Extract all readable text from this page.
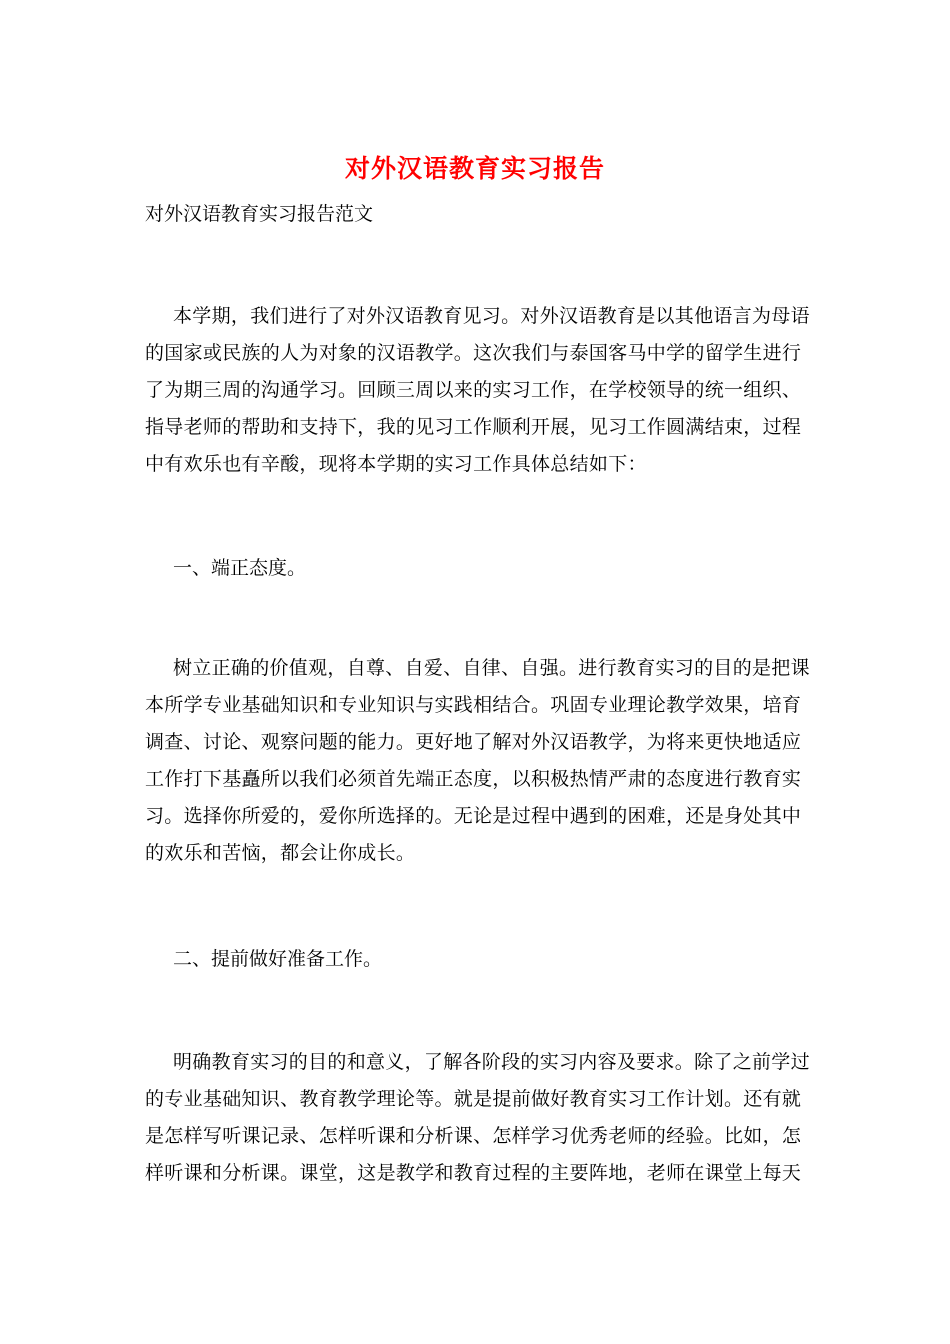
对外汉语教育实习报告
对外汉语教育实习报告范文
本学期，我们进行了对外汉语教育见习。对外汉语教育是以其他语言为母语
的国家或民族的人为对象的汉语教学。这次我们与泰国客马中学的留学生进行
了为期三周的沟通学习。回顾三周以来的实习工作，在学校领导的统一组织、
指导老师的帮助和支持下，我的见习工作顺利开展，见习工作圆满结束，过程
中有欢乐也有辛酸，现将本学期的实习工作具体总结如下：
一、端正态度。
树立正确的价值观，自尊、自爱、自律、自强。进行教育实习的目的是把课
本所学专业基础知识和专业知识与实践相结合。巩固专业理论教学效果，培育
调查、讨论、观察问题的能力。更好地了解对外汉语教学，为将来更快地适应
工作打下基矗所以我们必须首先端正态度，以积极热情严肃的态度进行教育实
习。选择你所爱的，爱你所选择的。无论是过程中遇到的困难，还是身处其中
的欢乐和苦恼，都会让你成长。
二、提前做好准备工作。
明确教育实习的目的和意义，了解各阶段的实习内容及要求。除了之前学过
的专业基础知识、教育教学理论等。就是提前做好教育实习工作计划。还有就
是怎样写听课记录、怎样听课和分析课、怎样学习优秀老师的经验。比如，怎
样听课和分析课。课堂，这是教学和教育过程的主要阵地，老师在课堂上每天
